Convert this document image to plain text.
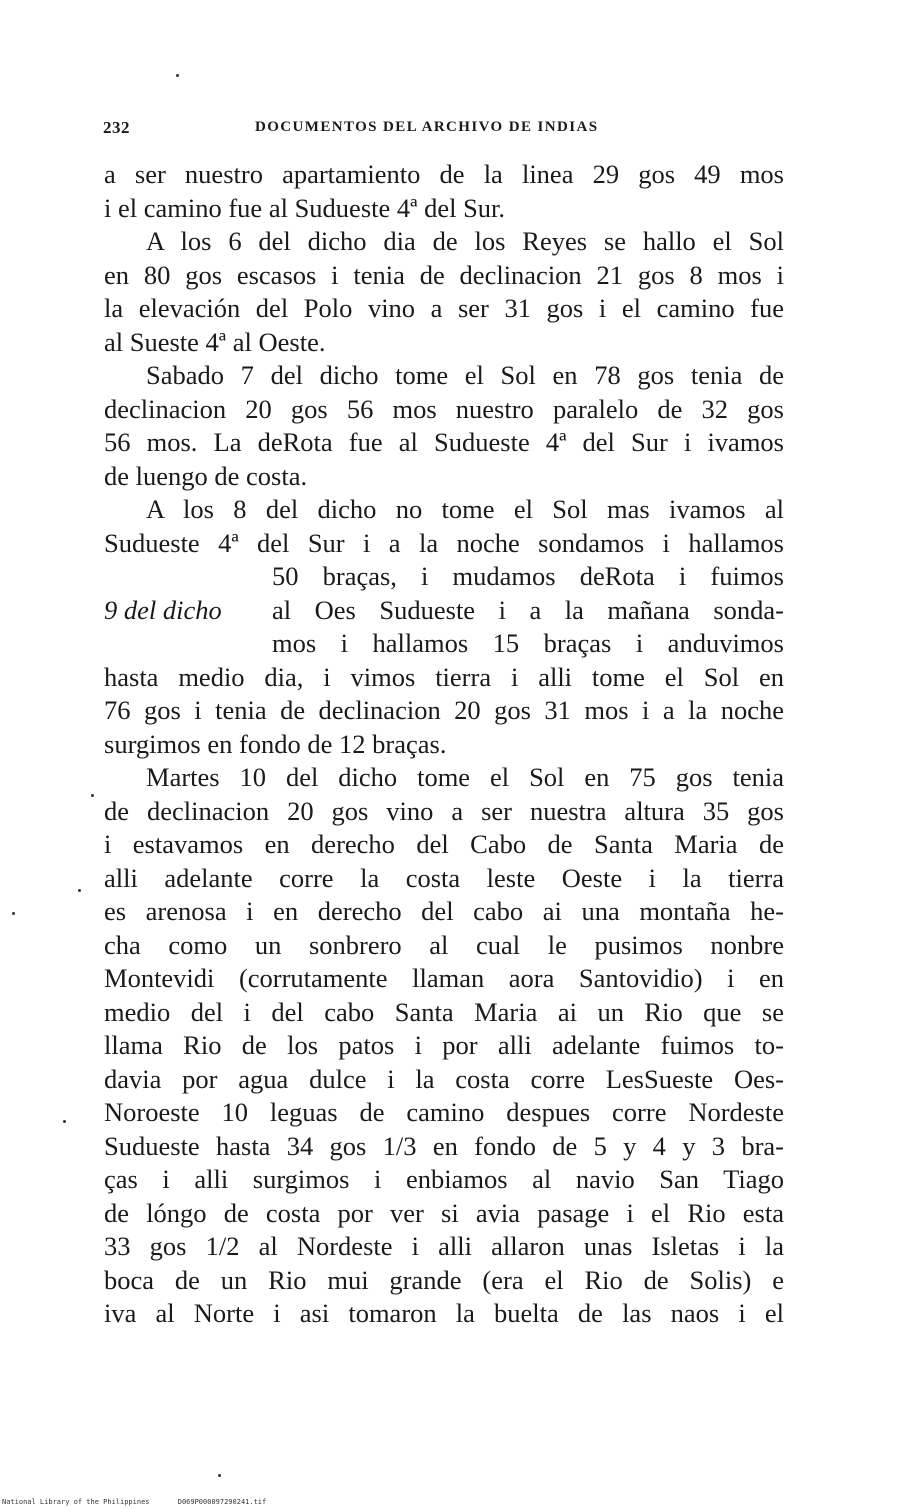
232	DOCUMENTOS DEL ARCHIVO DE INDIAS
a ser nuestro apartamiento de la linea 29 gos 49 mos
i el camino fue al Sudueste 4ª del Sur.
A los 6 del dicho dia de los Reyes se hallo el Sol
en 80 gos escasos i tenia de declinacion 21 gos 8 mos i
la elevación del Polo vino a ser 31 gos i el camino fue
al Sueste 4ª al Oeste.
Sabado 7 del dicho tome el Sol en 78 gos tenia de
declinacion 20 gos 56 mos nuestro paralelo de 32 gos
56 mos. La deRota fue al Sudueste 4ª del Sur i ivamos
de luengo de costa.
A los 8 del dicho no tome el Sol mas ivamos al
Sudueste 4ª del Sur i a la noche sondamos i hallamos
50 braças, i mudamos deRota i fuimos
9 del dicho al Oes Sudueste i a la mañana sonda-
mos i hallamos 15 braças i anduvimos
hasta medio dia, i vimos tierra i alli tome el Sol en
76 gos i tenia de declinacion 20 gos 31 mos i a la noche
surgimos en fondo de 12 braças.
Martes 10 del dicho tome el Sol en 75 gos tenia
de declinacion 20 gos vino a ser nuestra altura 35 gos
i estavamos en derecho del Cabo de Santa Maria de
alli adelante corre la costa leste Oeste i la tierra
es arenosa i en derecho del cabo ai una montaña he-
cha como un sonbrero al cual le pusimos nonbre
Montevidi (corrutamente llaman aora Santovidio) i en
medio del i del cabo Santa Maria ai un Rio que se
llama Rio de los patos i por alli adelante fuimos to-
davia por agua dulce i la costa corre LesSueste Oes-
Noroeste 10 leguas de camino despues corre Nordeste
Sudueste hasta 34 gos 1/3 en fondo de 5 y 4 y 3 bra-
ças i alli surgimos i enbiamos al navio San Tiago
de lóngo de costa por ver si avia pasage i el Rio esta
33 gos 1/2 al Nordeste i alli allaron unas Isletas i la
boca de un Rio mui grande (era el Rio de Solis) e
iva al Norte i asi tomaron la buelta de las naos i el
National Library of the Philippines	D069P000097290241.tif
